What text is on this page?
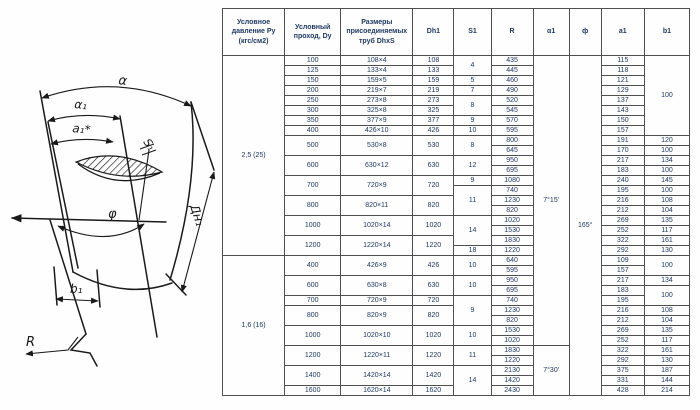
α
α₁
а₁*
S₁
Дн₁
φ
b₁
R
Условное давление Ру (кгс/см2)	Условный проход, Dy	Размеры присоединяемых труб DhxS	Dh1	S1	R	α1	ф	a1	b1
2,5 (25)	100	108×4	108	4	435	7°15′	165°	115	100
	125	133×4	133		445			118	
	150	159×5	159	5	460			121	
	200	219×7	219	7	490			129	
	250	273×8	273	8	520			137	
	300	325×8	325		545			143	
	350	377×9	377	9	570			150	
	400	426×10	426	10	595			157	
	500	530×8	530	8	800			191	120
					645			170	100
	600	630×12	630	12	950			217	134
					695			183	100
	700	720×9	720	9	1080			240	145
				11	740			195	100
	800	820×11	820		1230			216	108
					820			212	104
	1000	1020×14	1020	14	1020			269	135
					1530			252	117
	1200	1220×14	1220		1830			322	161
				18	1220			292	130
1,6 (16)	400	426×9	426	10	640			109	100
					595			157	
	600	630×8	630	10	950			217	134
					695			183	100
	700	720×9	720	9	740			195	
	800	820×9	820		1230			216	108
					820			212	104
	1000	1020×10	1020	10	1530			269	135
					1020			252	117
	1200	1220×11	1220	11	1830	7°30′		322	161
					1220			292	130
	1400	1420×14	1420	14	2130			375	187
					1420			331	144
	1600	1620×14	1620		2430			428	214
